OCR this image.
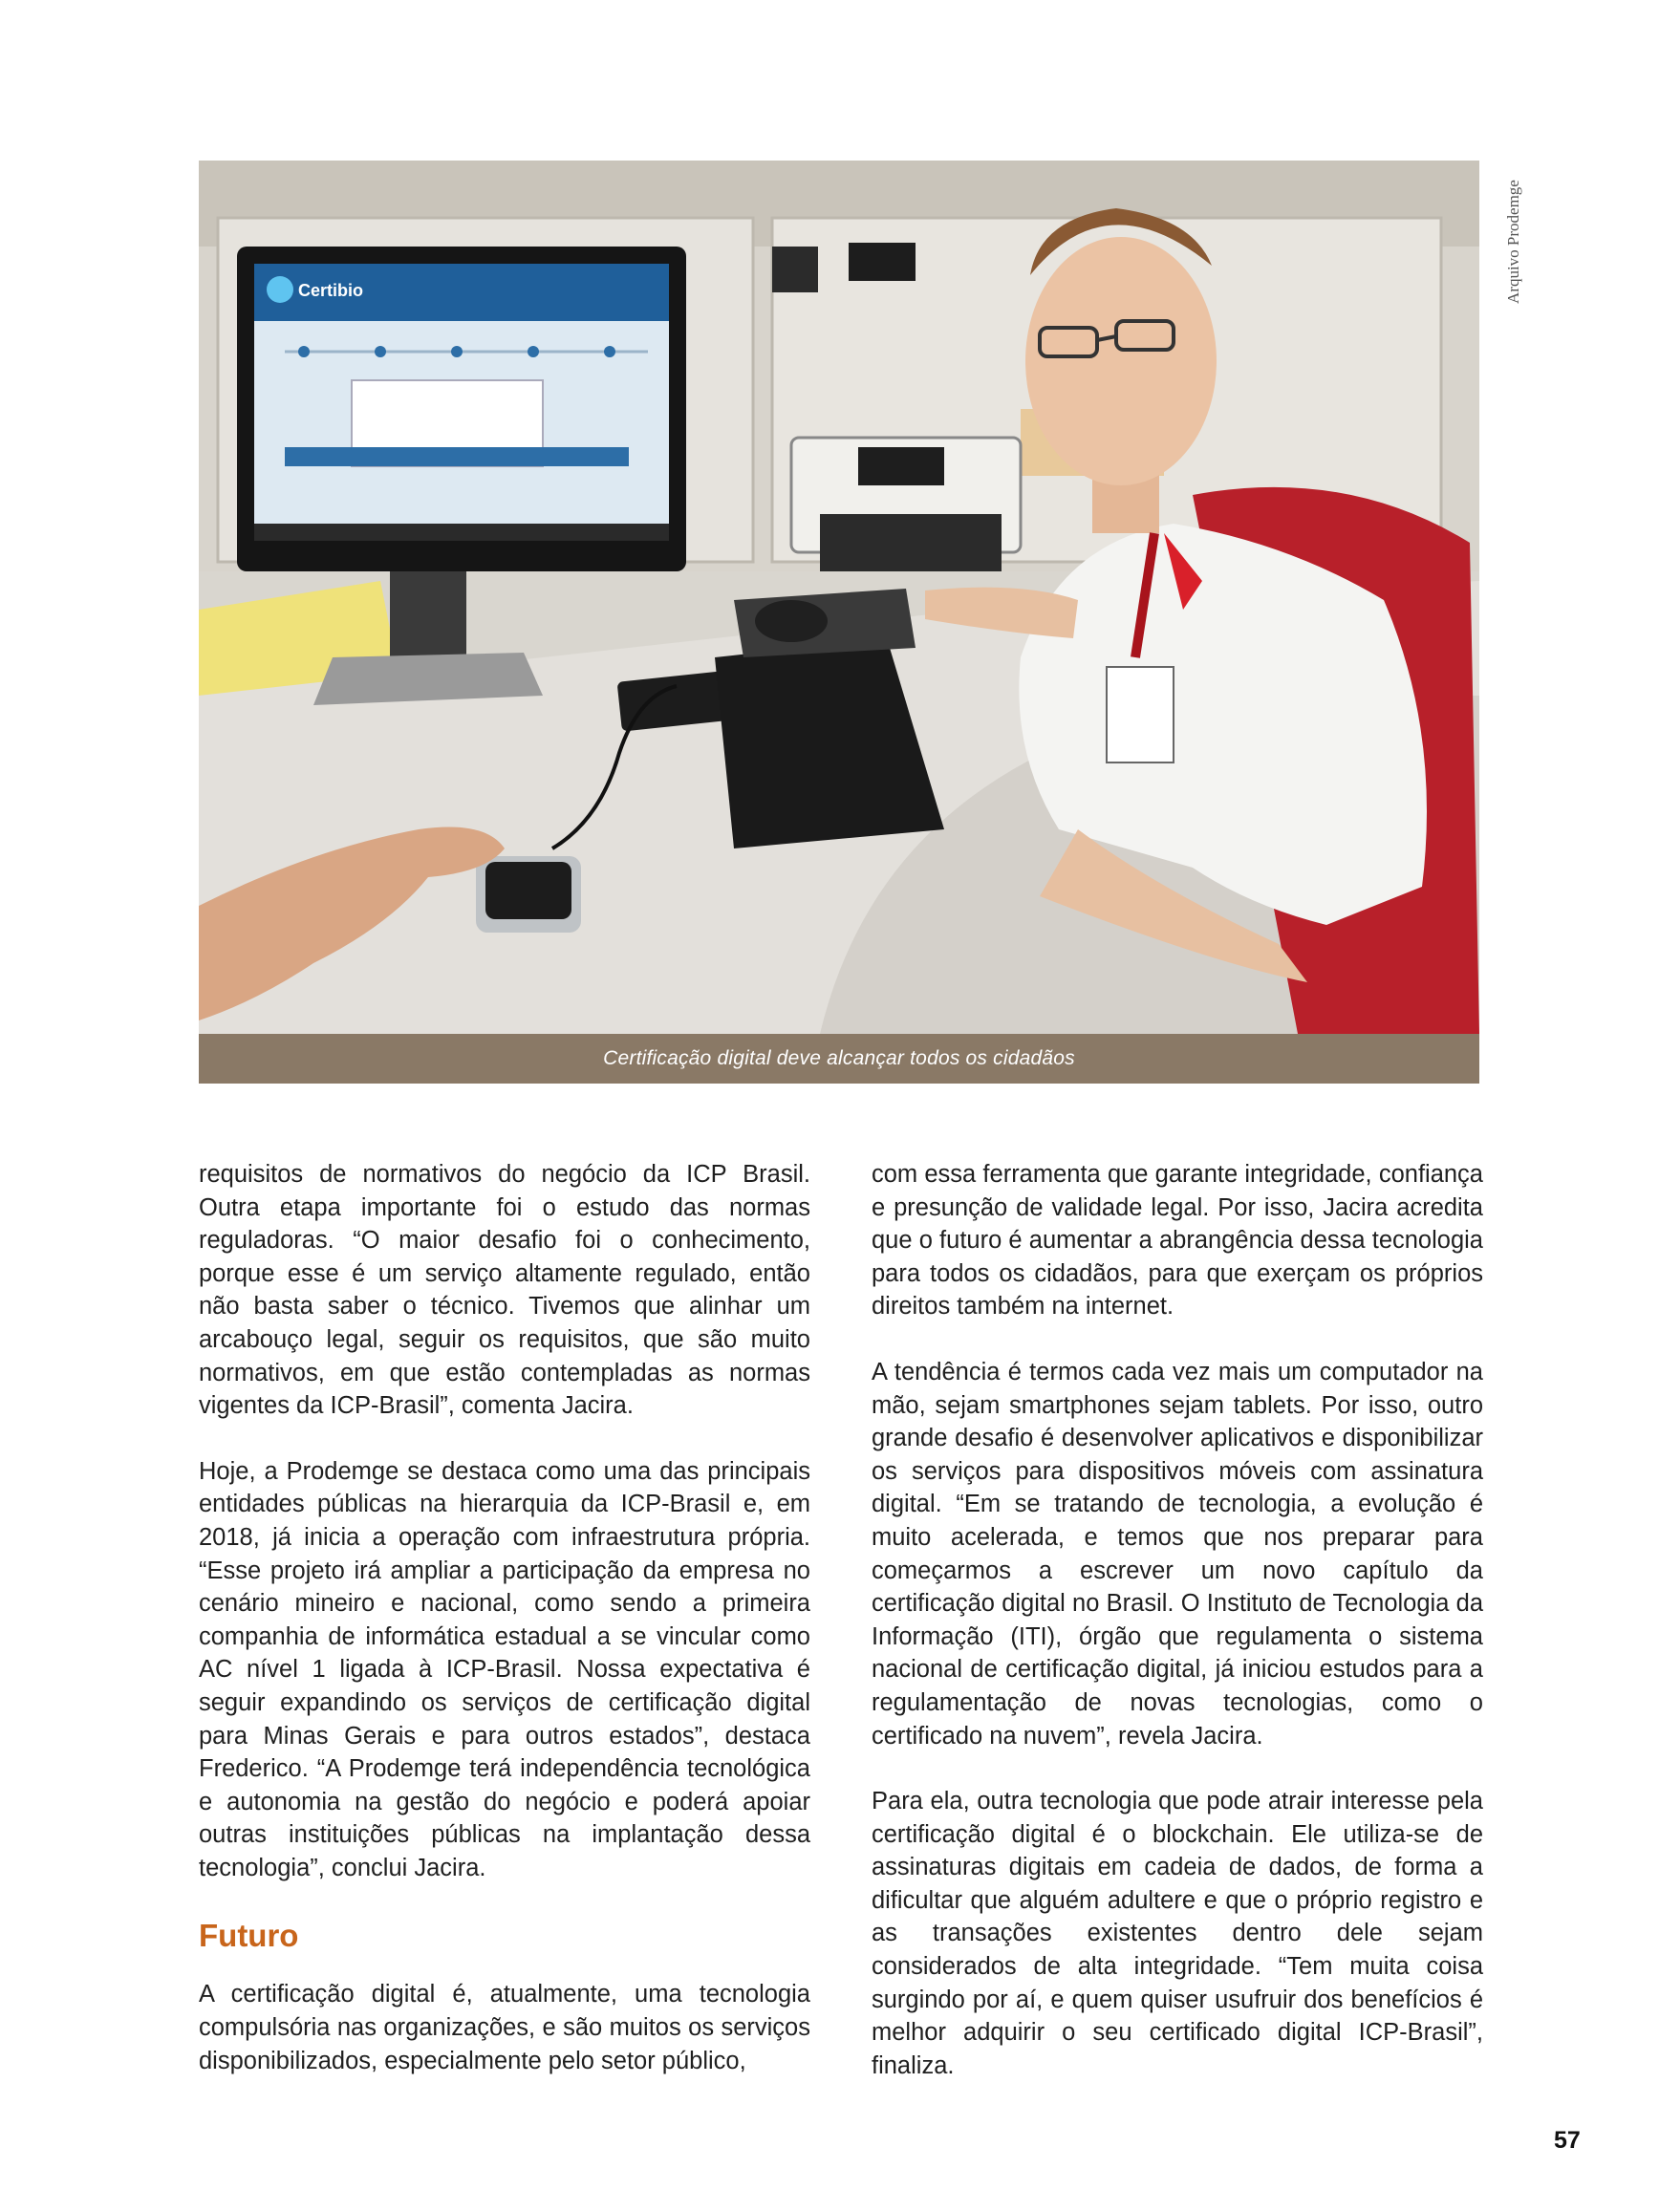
Certibio	Arquivo Prodemge
Certificação digital deve alcançar todos os cidadãos

requisitos de normativos do negócio da ICP Brasil. Outra etapa importante foi o estudo das normas reguladoras. “O maior desafio foi o conhecimento, porque esse é um serviço altamente regulado, então não basta saber o técnico. Tivemos que alinhar um arcabouço legal, seguir os requisitos, que são muito normativos, em que estão contempladas as normas vigentes da ICP-Brasil”, comenta Jacira.

Hoje, a Prodemge se destaca como uma das principais entidades públicas na hierarquia da ICP-Brasil e, em 2018, já inicia a operação com infraestrutura própria. “Esse projeto irá ampliar a participação da empresa no cenário mineiro e nacional, como sendo a primeira companhia de informática estadual a se vincular como AC nível 1 ligada à ICP-Brasil. Nossa expectativa é seguir expandindo os serviços de certificação digital para Minas Gerais e para outros estados”, destaca Frederico. “A Prodemge terá independência tecnológica e autonomia na gestão do negócio e poderá apoiar outras instituições públicas na implantação dessa tecnologia”, conclui Jacira.

Futuro

A certificação digital é, atualmente, uma tecnologia compulsória nas organizações, e são muitos os serviços disponibilizados, especialmente pelo setor público,

com essa ferramenta que garante integridade, confiança e presunção de validade legal. Por isso, Jacira acredita que o futuro é aumentar a abrangência dessa tecnologia para todos os cidadãos, para que exerçam os próprios direitos também na internet.

A tendência é termos cada vez mais um computador na mão, sejam smartphones sejam tablets. Por isso, outro grande desafio é desenvolver aplicativos e disponibilizar os serviços para dispositivos móveis com assinatura digital. “Em se tratando de tecnologia, a evolução é muito acelerada, e temos que nos preparar para começarmos a escrever um novo capítulo da certificação digital no Brasil. O Instituto de Tecnologia da Informação (ITI), órgão que regulamenta o sistema nacional de certificação digital, já iniciou estudos para a regulamentação de novas tecnologias, como o certificado na nuvem”, revela Jacira.

Para ela, outra tecnologia que pode atrair interesse pela certificação digital é o blockchain. Ele utiliza-se de assinaturas digitais em cadeia de dados, de forma a dificultar que alguém adultere e que o próprio registro e as transações existentes dentro dele sejam considerados de alta integridade. “Tem muita coisa surgindo por aí, e quem quiser usufruir dos benefícios é melhor adquirir o seu certificado digital ICP-Brasil”, finaliza.

57
